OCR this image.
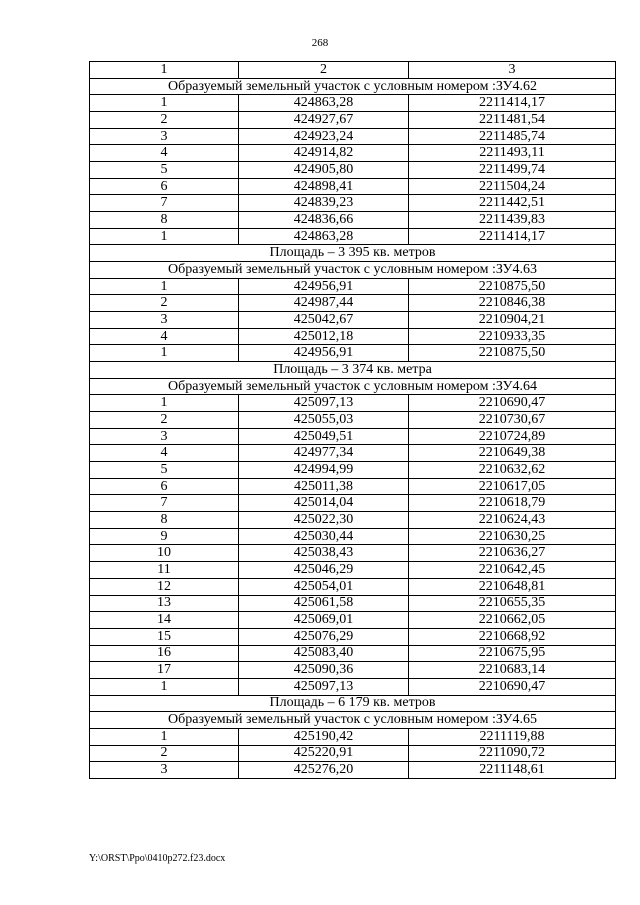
268
1	2	3
Образуемый земельный участок с условным номером :ЗУ4.62		
1	424863,28	2211414,17
2	424927,67	2211481,54
3	424923,24	2211485,74
4	424914,82	2211493,11
5	424905,80	2211499,74
6	424898,41	2211504,24
7	424839,23	2211442,51
8	424836,66	2211439,83
1	424863,28	2211414,17
Площадь – 3 395 кв. метров		
Образуемый земельный участок с условным номером :ЗУ4.63		
1	424956,91	2210875,50
2	424987,44	2210846,38
3	425042,67	2210904,21
4	425012,18	2210933,35
1	424956,91	2210875,50
Площадь – 3 374 кв. метра		
Образуемый земельный участок с условным номером :ЗУ4.64		
1	425097,13	2210690,47
2	425055,03	2210730,67
3	425049,51	2210724,89
4	424977,34	2210649,38
5	424994,99	2210632,62
6	425011,38	2210617,05
7	425014,04	2210618,79
8	425022,30	2210624,43
9	425030,44	2210630,25
10	425038,43	2210636,27
11	425046,29	2210642,45
12	425054,01	2210648,81
13	425061,58	2210655,35
14	425069,01	2210662,05
15	425076,29	2210668,92
16	425083,40	2210675,95
17	425090,36	2210683,14
1	425097,13	2210690,47
Площадь – 6 179 кв. метров		
Образуемый земельный участок с условным номером :ЗУ4.65		
1	425190,42	2211119,88
2	425220,91	2211090,72
3	425276,20	2211148,61
Y:\ORST\Ppo\0410p272.f23.docx
